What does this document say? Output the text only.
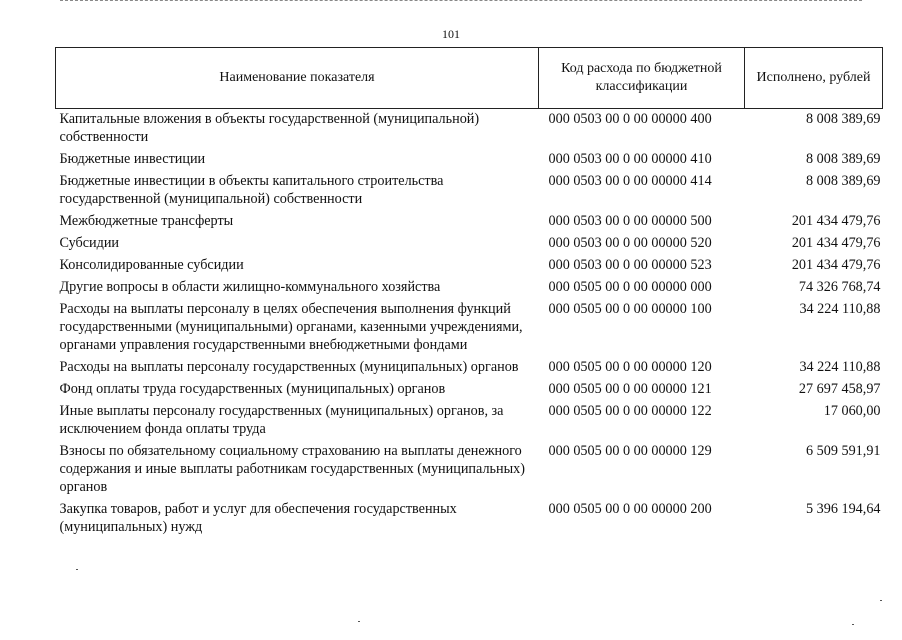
101
Наименование показателя	Код расхода по бюджетной классификации	Исполнено, рублей
Капитальные вложения в объекты государственной (муниципальной) собственности	000 0503 00 0 00 00000 400	8 008 389,69
Бюджетные инвестиции	000 0503 00 0 00 00000 410	8 008 389,69
Бюджетные инвестиции в объекты капитального строительства государственной (муниципальной) собственности	000 0503 00 0 00 00000 414	8 008 389,69
Межбюджетные трансферты	000 0503 00 0 00 00000 500	201 434 479,76
Субсидии	000 0503 00 0 00 00000 520	201 434 479,76
Консолидированные субсидии	000 0503 00 0 00 00000 523	201 434 479,76
Другие вопросы в области жилищно-коммунального хозяйства	000 0505 00 0 00 00000 000	74 326 768,74
Расходы на выплаты персоналу в целях обеспечения выполнения функций государственными (муниципальными) органами, казенными учреждениями, органами управления государственными внебюджетными фондами	000 0505 00 0 00 00000 100	34 224 110,88
Расходы на выплаты персоналу государственных (муниципальных) органов	000 0505 00 0 00 00000 120	34 224 110,88
Фонд оплаты труда государственных (муниципальных) органов	000 0505 00 0 00 00000 121	27 697 458,97
Иные выплаты персоналу государственных (муниципальных) органов, за исключением фонда оплаты труда	000 0505 00 0 00 00000 122	17 060,00
Взносы по обязательному социальному страхованию на выплаты денежного содержания и иные выплаты работникам государственных (муниципальных) органов	000 0505 00 0 00 00000 129	6 509 591,91
Закупка товаров, работ и услуг для обеспечения государственных (муниципальных) нужд	000 0505 00 0 00 00000 200	5 396 194,64
